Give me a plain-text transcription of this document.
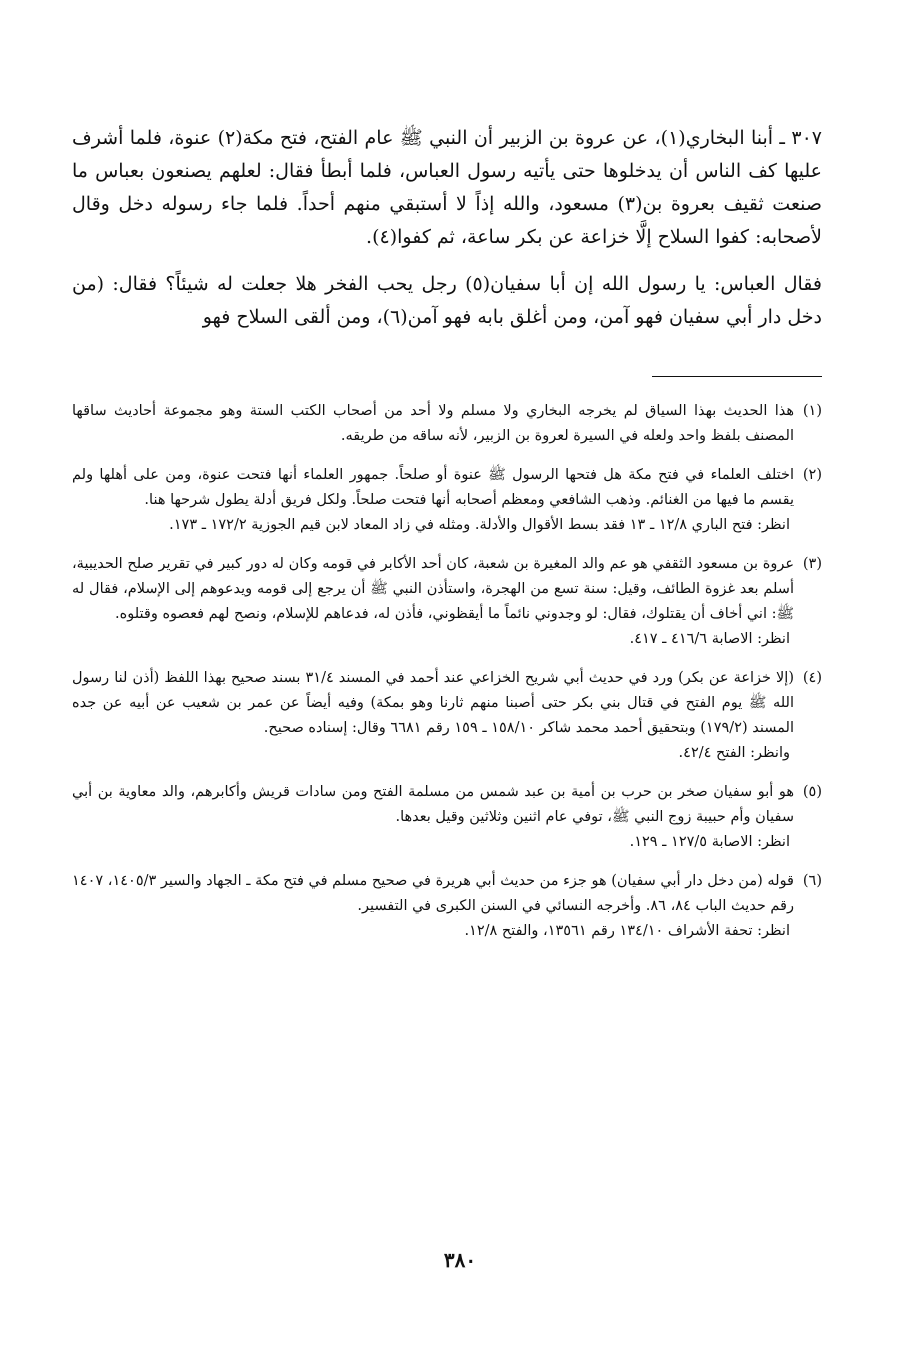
٣٠٧ ـ أبنا البخاري(١)، عن عروة بن الزبير أن النبي ﷺ عام الفتح، فتح مكة(٢) عنوة، فلما أشرف عليها كف الناس أن يدخلوها حتى يأتيه رسول العباس، فلما أبطأ فقال: لعلهم يصنعون بعباس ما صنعت ثقيف بعروة بن(٣) مسعود، والله إذاً لا أستبقي منهم أحداً. فلما جاء رسوله دخل وقال لأصحابه: كفوا السلاح إلَّا خزاعة عن بكر ساعة، ثم كفوا(٤).

فقال العباس: يا رسول الله إن أبا سفيان(٥) رجل يحب الفخر هلا جعلت له شيئاً؟ فقال: (من دخل دار أبي سفيان فهو آمن، ومن أغلق بابه فهو آمن(٦)، ومن ألقى السلاح فهو

(١)

هذا الحديث بهذا السياق لم يخرجه البخاري ولا مسلم ولا أحد من أصحاب الكتب الستة وهو مجموعة أحاديث ساقها المصنف بلفظ واحد ولعله في السيرة لعروة بن الزبير، لأنه ساقه من طريقه.

(٢)

اختلف العلماء في فتح مكة هل فتحها الرسول ﷺ عنوة أو صلحاً. جمهور العلماء أنها فتحت عنوة، ومن على أهلها ولم يقسم ما فيها من الغنائم. وذهب الشافعي ومعظم أصحابه أنها فتحت صلحاً. ولكل فريق أدلة يطول شرحها هنا.

انظر: فتح الباري ١٢/٨ ـ ١٣ فقد بسط الأقوال والأدلة. ومثله في زاد المعاد لابن قيم الجوزية ١٧٢/٢ ـ ١٧٣.

(٣)

عروة بن مسعود الثقفي هو عم والد المغيرة بن شعبة، كان أحد الأكابر في قومه وكان له دور كبير في تقرير صلح الحديبية، أسلم بعد غزوة الطائف، وقيل: سنة تسع من الهجرة، واستأذن النبي ﷺ أن يرجع إلى قومه ويدعوهم إلى الإسلام، فقال له ﷺ: اني أخاف أن يقتلوك، فقال: لو وجدوني نائماً ما أيقظوني، فأذن له، فدعاهم للإسلام، ونصح لهم فعصوه وقتلوه.

انظر: الاصابة ٤١٦/٦ ـ ٤١٧.

(٤)

(إلا خزاعة عن بكر) ورد في حديث أبي شريح الخزاعي عند أحمد في المسند ٣١/٤ بسند صحيح بهذا اللفظ (أذن لنا رسول الله ﷺ يوم الفتح في قتال بني بكر حتى أصبنا منهم ثارنا وهو بمكة) وفيه أيضاً عن عمر بن شعيب عن أبيه عن جده المسند (١٧٩/٢) وبتحقيق أحمد محمد شاكر ١٥٨/١٠ ـ ١٥٩ رقم ٦٦٨١ وقال: إسناده صحيح.

وانظر: الفتح ٤٢/٤.

(٥)

هو أبو سفيان صخر بن حرب بن أمية بن عبد شمس من مسلمة الفتح ومن سادات قريش وأكابرهم، والد معاوية بن أبي سفيان وأم حبيبة زوج النبي ﷺ، توفي عام اثنين وثلاثين وقيل بعدها.

انظر: الاصابة ١٢٧/٥ ـ ١٢٩.

(٦)

قوله (من دخل دار أبي سفيان) هو جزء من حديث أبي هريرة في صحيح مسلم في فتح مكة ـ الجهاد والسير ١٤٠٥/٣، ١٤٠٧ رقم حديث الباب ٨٤، ٨٦. وأخرجه النسائي في السنن الكبرى في التفسير.

انظر: تحفة الأشراف ١٣٤/١٠ رقم ١٣٥٦١، والفتح ١٢/٨.

٣٨٠
